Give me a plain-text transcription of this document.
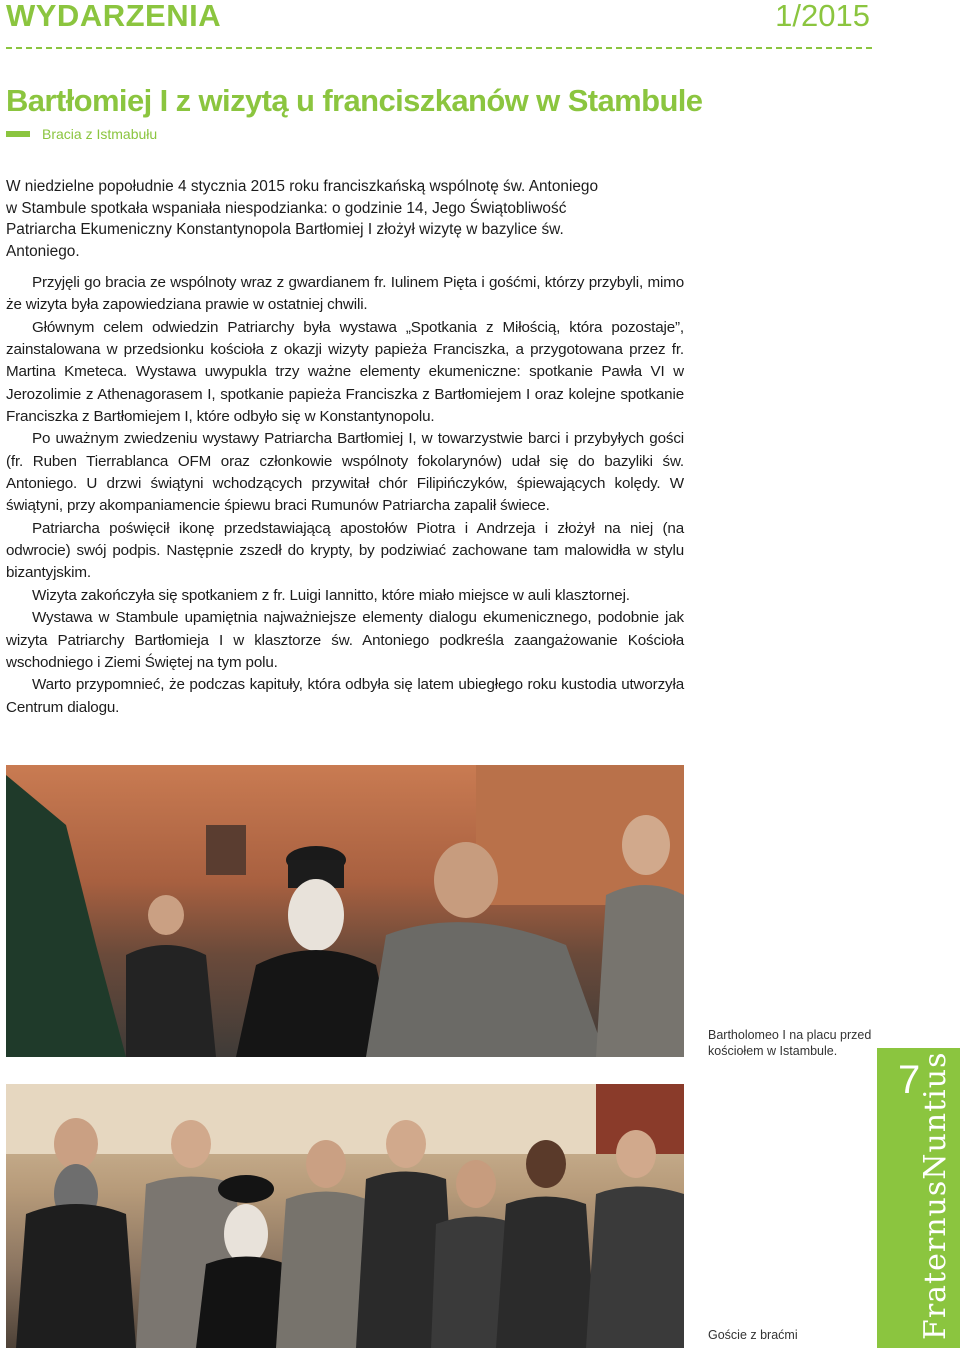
WYDARZENIA	1/2015
Bartłomiej I z wizytą u franciszkanów w Stambule
Bracia z Istmabułu

W niedzielne popołudnie 4 stycznia 2015 roku franciszkańską wspólnotę św. Antoniego w Stambule spotkała wspaniała niespodzianka: o godzinie 14, Jego Świątobliwość Patriarcha Ekumeniczny Konstantynopola Bartłomiej I złożył wizytę w bazylice św. Antoniego.

Przyjęli go bracia ze wspólnoty wraz z gwardianem fr. Iulinem Pięta i gośćmi, którzy przybyli, mimo że wizyta była zapowiedziana prawie w ostatniej chwili.

Głównym celem odwiedzin Patriarchy była wystawa „Spotkania z Miłością, która pozostaje”, zainstalowana w przedsionku kościoła z okazji wizyty papieża Franciszka, a przygotowana przez fr. Martina Kmeteca. Wystawa uwypukla trzy ważne elementy ekumeniczne: spotkanie Pawła VI w Jerozolimie z Athenagorasem I, spotkanie papieża Franciszka z Bartłomiejem I oraz kolejne spotkanie Franciszka z Bartłomiejem I, które odbyło się w Konstantynopolu.

Po uważnym zwiedzeniu wystawy Patriarcha Bartłomiej I, w towarzystwie barci i przybyłych gości (fr. Ruben Tierrablanca OFM oraz członkowie wspólnoty fokolarynów) udał się do bazyliki św. Antoniego. U drzwi świątyni wchodzących przywitał chór Filipińczyków, śpiewających kolędy. W świątyni, przy akompaniamencie śpiewu braci Rumunów Patriarcha zapalił świece.

Patriarcha poświęcił ikonę przedstawiającą apostołów Piotra i Andrzeja i złożył na niej (na odwrocie) swój podpis. Następnie zszedł do krypty, by podziwiać zachowane tam malowidła w stylu bizantyjskim.

Wizyta zakończyła się spotkaniem z fr. Luigi Iannitto, które miało miejsce w auli klasztornej.

Wystawa w Stambule upamiętnia najważniejsze elementy dialogu ekumenicznego, podobnie jak wizyta Patriarchy Bartłomieja I w klasztorze św. Antoniego podkreśla zaangażowanie Kościoła wschodniego i Ziemi Świętej na tym polu.

Warto przypomnieć, że podczas kapituły, która odbyła się latem ubiegłego roku kustodia utworzyła Centrum dialogu.

Bartholomeo I na placu przed kościołem w Istambule.
Goście z braćmi
7
FraternusNuntius
